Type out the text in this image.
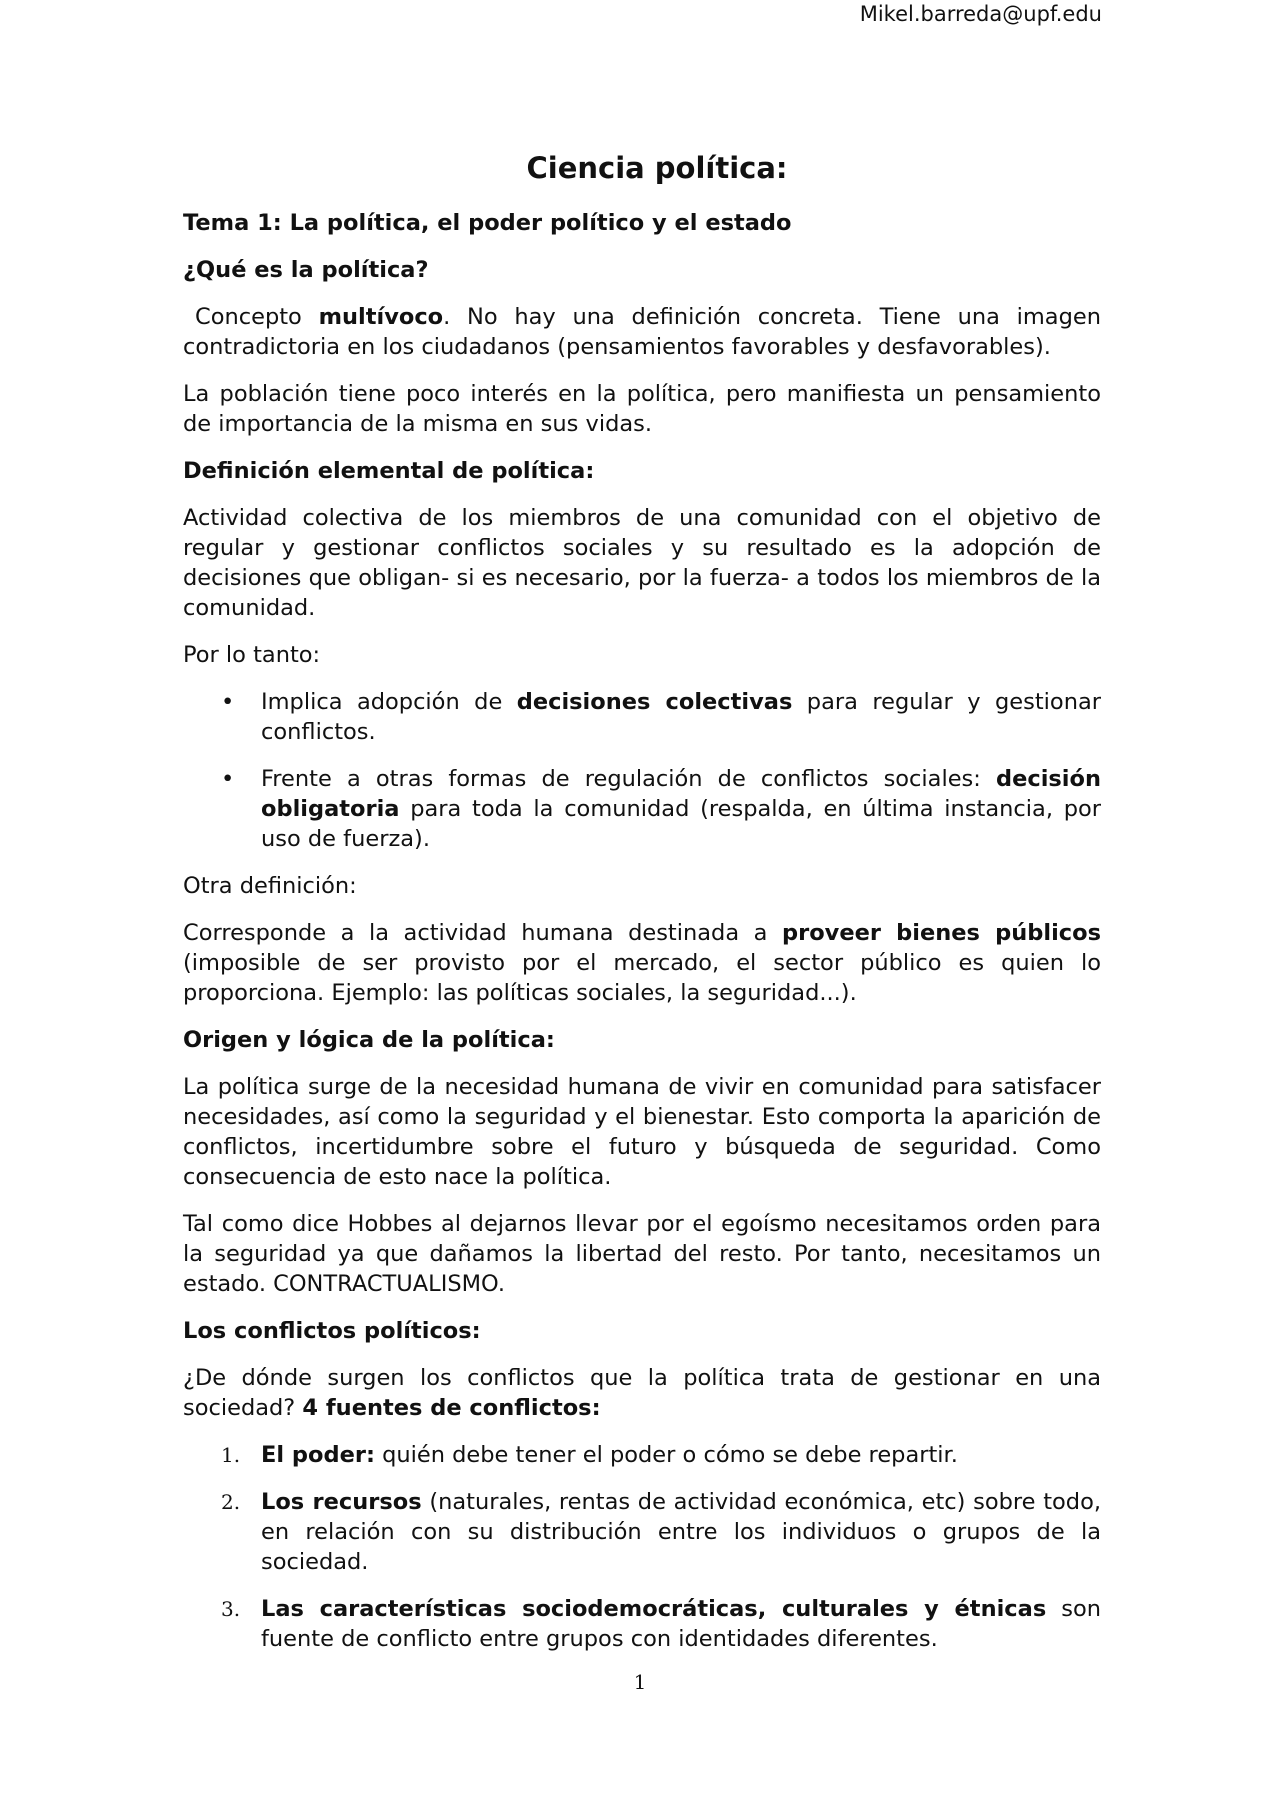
Mikel.barreda@upf.edu
Ciencia política:
Tema 1: La política, el poder político y el estado
¿Qué es la política?

Concepto multívoco. No hay una definición concreta. Tiene una imagen contradictoria en los ciudadanos (pensamientos favorables y desfavorables).

La población tiene poco interés en la política, pero manifiesta un pensamiento de importancia de la misma en sus vidas.

Definición elemental de política:

Actividad colectiva de los miembros de una comunidad con el objetivo de regular y gestionar conflictos sociales y su resultado es la adopción de decisiones que obligan- si es necesario, por la fuerza- a todos los miembros de la comunidad.

Por lo tanto:

• Implica adopción de decisiones colectivas para regular y gestionar conflictos.
• Frente a otras formas de regulación de conflictos sociales: decisión obligatoria para toda la comunidad (respalda, en última instancia, por uso de fuerza).

Otra definición:

Corresponde a la actividad humana destinada a proveer bienes públicos (imposible de ser provisto por el mercado, el sector público es quien lo proporciona. Ejemplo: las políticas sociales, la seguridad...).

Origen y lógica de la política:

La política surge de la necesidad humana de vivir en comunidad para satisfacer necesidades, así como la seguridad y el bienestar. Esto comporta la aparición de conflictos, incertidumbre sobre el futuro y búsqueda de seguridad. Como consecuencia de esto nace la política.

Tal como dice Hobbes al dejarnos llevar por el egoísmo necesitamos orden para la seguridad ya que dañamos la libertad del resto. Por tanto, necesitamos un estado. CONTRACTUALISMO.

Los conflictos políticos:

¿De dónde surgen los conflictos que la política trata de gestionar en una sociedad? 4 fuentes de conflictos:

1. El poder: quién debe tener el poder o cómo se debe repartir.
2. Los recursos (naturales, rentas de actividad económica, etc) sobre todo, en relación con su distribución entre los individuos o grupos de la sociedad.
3. Las características sociodemocráticas, culturales y étnicas son fuente de conflicto entre grupos con identidades diferentes.
1
